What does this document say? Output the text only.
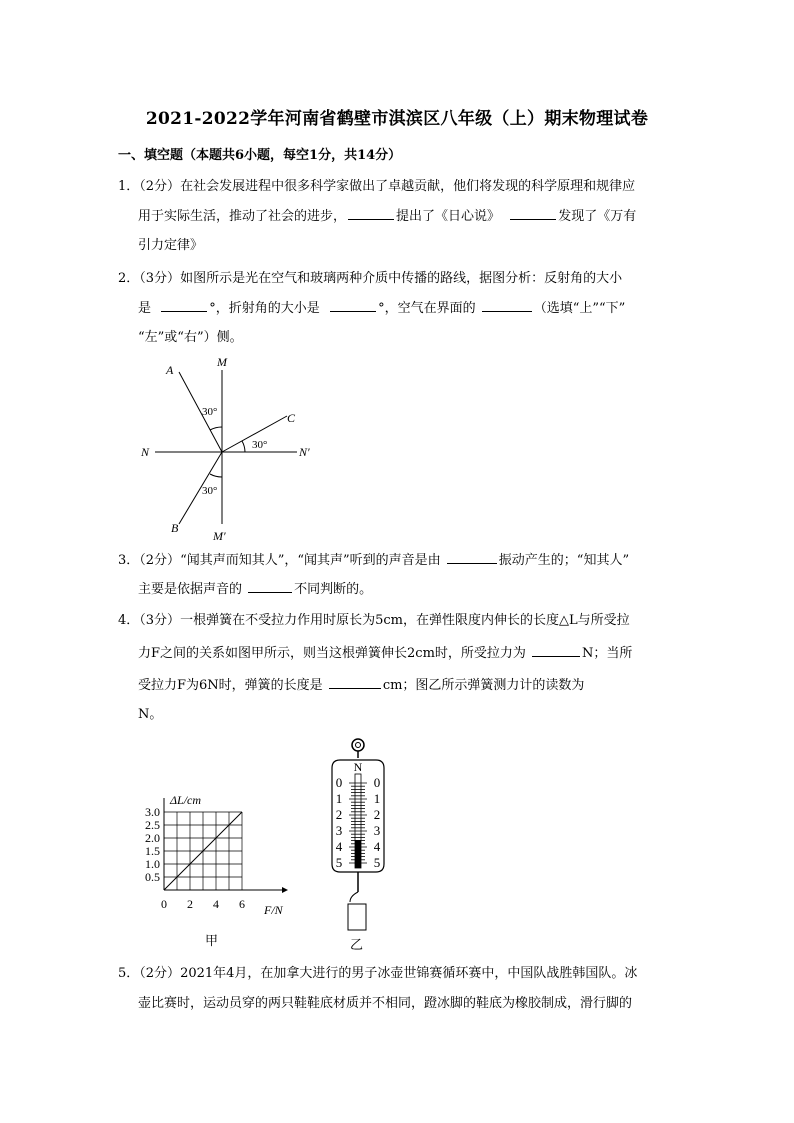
2021-2022学年河南省鹤壁市淇滨区八年级（上）期末物理试卷
一、填空题（本题共6小题，每空1分，共14分）
1．（2分）在社会发展进程中很多科学家做出了卓越贡献，他们将发现的科学原理和规律应
用于实际生活，推动了社会的进步，	提出了《日心说》	发现了《万有
引力定律》
2．（3分）如图所示是光在空气和玻璃两种介质中传播的路线，据图分析：反射角的大小
是	°，折射角的大小是	°，空气在界面的	（选填“上”“下”
“左”或“右”）侧。
A
M
C
N	N′
B
M′
30°
30°
30°
3．（2分）“闻其声而知其人”，“闻其声”听到的声音是由	振动产生的；“知其人”
主要是依据声音的	不同判断的。
4．（3分）一根弹簧在不受拉力作用时原长为5cm，在弹性限度内伸长的长度△L与所受拉
力F之间的关系如图甲所示，则当这根弹簧伸长2cm时，所受拉力为	N；当所
受拉力F为6N时，弹簧的长度是	cm；图乙所示弹簧测力计的读数为
N。
0.5
1.0
1.5
2.0
2.5
3.0
0 2 4 6 F/N
ΔL/cm
甲
N
0
1
2
3
4
5
0
1
2
3
4
5
乙
5．（2分）2021年4月，在加拿大进行的男子冰壶世锦赛循环赛中，中国队战胜韩国队。冰
壶比赛时，运动员穿的两只鞋鞋底材质并不相同，蹬冰脚的鞋底为橡胶制成，滑行脚的
